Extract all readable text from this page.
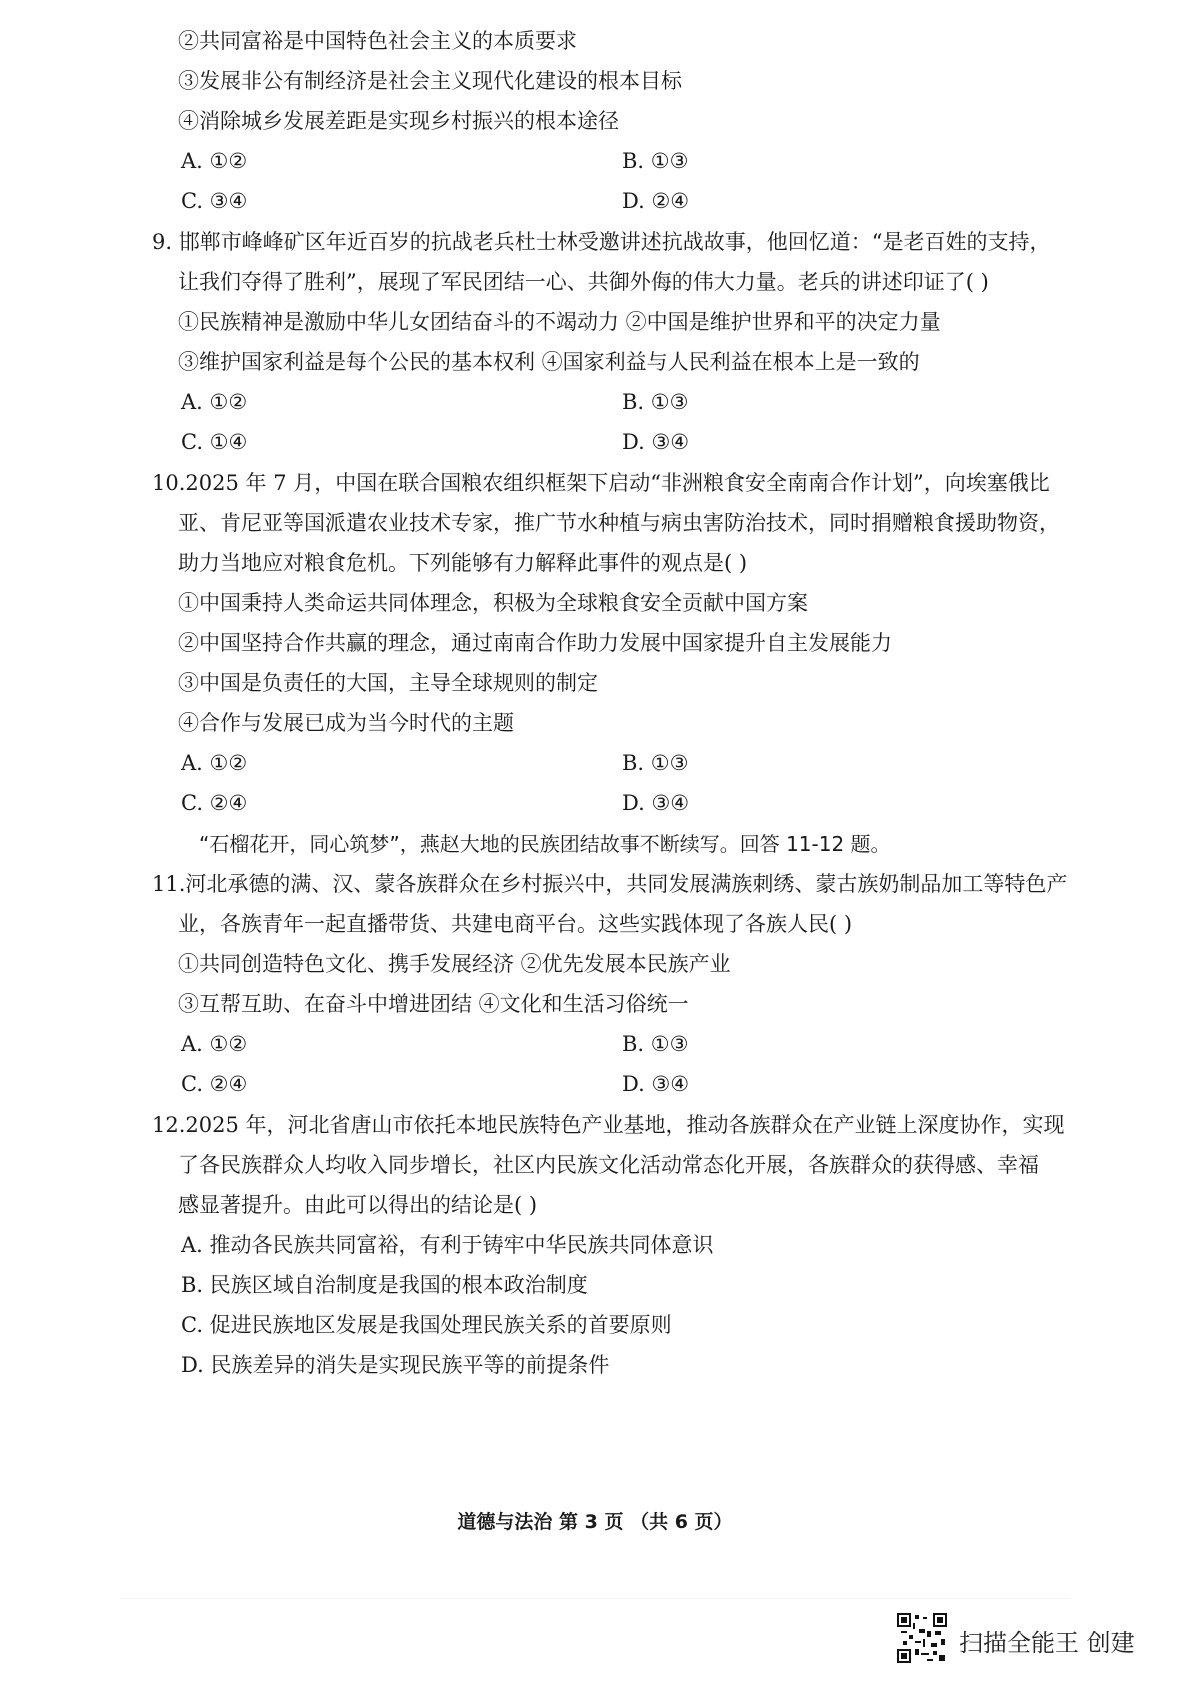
②共同富裕是中国特色社会主义的本质要求
③发展非公有制经济是社会主义现代化建设的根本目标
④消除城乡发展差距是实现乡村振兴的根本途径
A. ①②	B. ①③
C. ③④	D. ②④
9. 邯郸市峰峰矿区年近百岁的抗战老兵杜士林受邀讲述抗战故事，他回忆道：“是老百姓的支持，
让我们夺得了胜利”，展现了军民团结一心、共御外侮的伟大力量。老兵的讲述印证了( )
①民族精神是激励中华儿女团结奋斗的不竭动力 ②中国是维护世界和平的决定力量
③维护国家利益是每个公民的基本权利 ④国家利益与人民利益在根本上是一致的
A. ①②	B. ①③
C. ①④	D. ③④
10.2025 年 7 月，中国在联合国粮农组织框架下启动“非洲粮食安全南南合作计划”，向埃塞俄比
亚、肯尼亚等国派遣农业技术专家，推广节水种植与病虫害防治技术，同时捐赠粮食援助物资，
助力当地应对粮食危机。下列能够有力解释此事件的观点是( )
①中国秉持人类命运共同体理念，积极为全球粮食安全贡献中国方案
②中国坚持合作共赢的理念，通过南南合作助力发展中国家提升自主发展能力
③中国是负责任的大国，主导全球规则的制定
④合作与发展已成为当今时代的主题
A. ①②	B. ①③
C. ②④	D. ③④
“石榴花开，同心筑梦”，燕赵大地的民族团结故事不断续写。回答 11-12 题。
11.河北承德的满、汉、蒙各族群众在乡村振兴中，共同发展满族刺绣、蒙古族奶制品加工等特色产
业，各族青年一起直播带货、共建电商平台。这些实践体现了各族人民( )
①共同创造特色文化、携手发展经济 ②优先发展本民族产业
③互帮互助、在奋斗中增进团结 ④文化和生活习俗统一
A. ①②	B. ①③
C. ②④	D. ③④
12.2025 年，河北省唐山市依托本地民族特色产业基地，推动各族群众在产业链上深度协作，实现
了各民族群众人均收入同步增长，社区内民族文化活动常态化开展，各族群众的获得感、幸福
感显著提升。由此可以得出的结论是( )
A. 推动各民族共同富裕，有利于铸牢中华民族共同体意识
B. 民族区域自治制度是我国的根本政治制度
C. 促进民族地区发展是我国处理民族关系的首要原则
D. 民族差异的消失是实现民族平等的前提条件
道德与法治 第 3 页 （共 6 页）
扫描全能王 创建
